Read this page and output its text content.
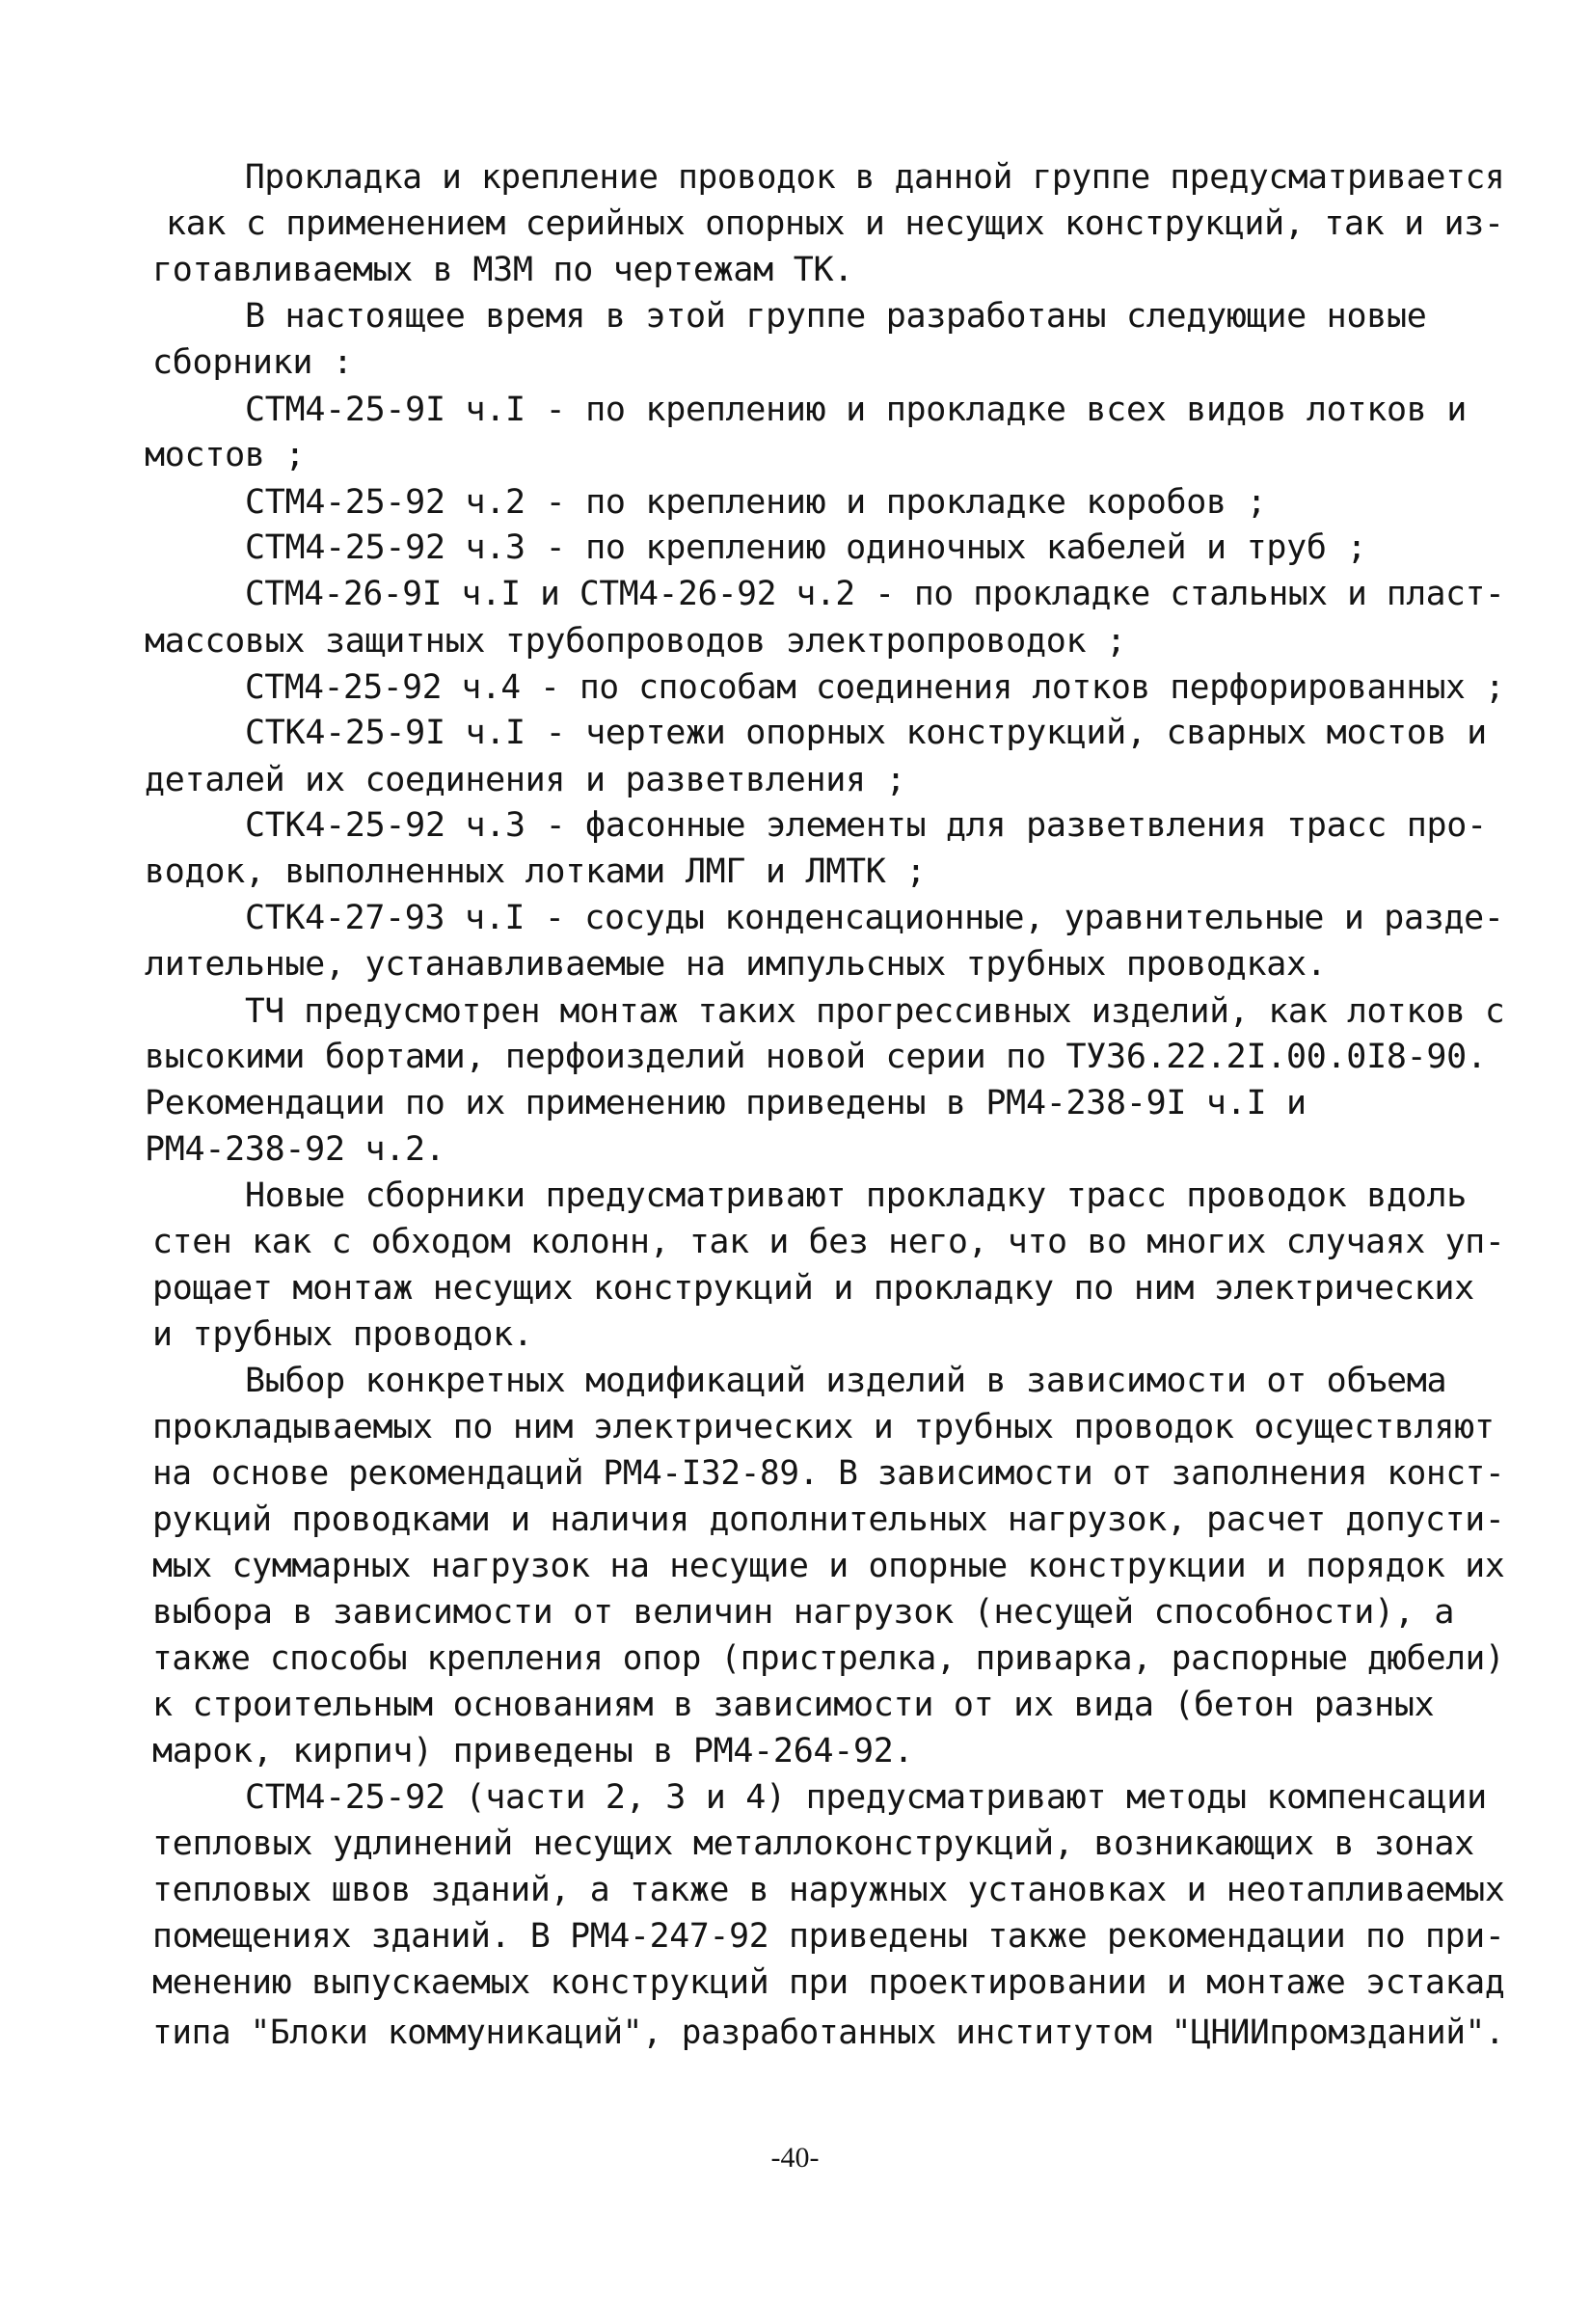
Прокладка и крепление проводок в данной группе предусматривается
как с применением серийных опорных и несущих конструкций, так и из-
готавливаемых в МЗМ по чертежам ТК.
В настоящее время в этой группе разработаны следующие новые
сборники :
СТМ4-25-9I ч.I - по креплению и прокладке всех видов лотков и
мостов ;
СТМ4-25-92 ч.2 - по креплению и прокладке коробов ;
СТМ4-25-92 ч.3 - по креплению одиночных кабелей и труб ;
СТМ4-26-9I ч.I и СТМ4-26-92 ч.2 - по прокладке стальных и пласт-
массовых защитных трубопроводов электропроводок ;
СТМ4-25-92 ч.4 - по способам соединения лотков перфорированных ;
СТК4-25-9I ч.I - чертежи опорных конструкций, сварных мостов и
деталей их соединения и разветвления ;
СТК4-25-92 ч.3 - фасонные элементы для разветвления трасс про-
водок, выполненных лотками ЛМГ и ЛМТК ;
СТК4-27-93 ч.I - сосуды конденсационные, уравнительные и разде-
лительные, устанавливаемые на импульсных трубных проводках.
ТЧ предусмотрен монтаж таких прогрессивных изделий, как лотков с
высокими бортами, перфоизделий новой серии по ТУ36.22.2I.00.0I8-90.
Рекомендации по их применению приведены в РМ4-238-9I ч.I и
РМ4-238-92 ч.2.
Новые сборники предусматривают прокладку трасс проводок вдоль
стен как с обходом колонн, так и без него, что во многих случаях уп-
рощает монтаж несущих конструкций и прокладку по ним электрических
и трубных проводок.
Выбор конкретных модификаций изделий в зависимости от объема
прокладываемых по ним электрических и трубных проводок осуществляют
на основе рекомендаций РМ4-I32-89. В зависимости от заполнения конст-
рукций проводками и наличия дополнительных нагрузок, расчет допусти-
мых суммарных нагрузок на несущие и опорные конструкции и порядок их
выбора в зависимости от величин нагрузок (несущей способности), а
также способы крепления опор (пристрелка, приварка, распорные дюбели)
к строительным основаниям в зависимости от их вида (бетон разных
марок, кирпич) приведены в РМ4-264-92.
СТМ4-25-92 (части 2, 3 и 4) предусматривают методы компенсации
тепловых удлинений несущих металлоконструкций, возникающих в зонах
тепловых швов зданий, а также в наружных установках и неотапливаемых
помещениях зданий. В РМ4-247-92 приведены также рекомендации по при-
менению выпускаемых конструкций при проектировании и монтаже эстакад
типа "Блоки коммуникаций", разработанных институтом "ЦНИИпромзданий".
-40-
